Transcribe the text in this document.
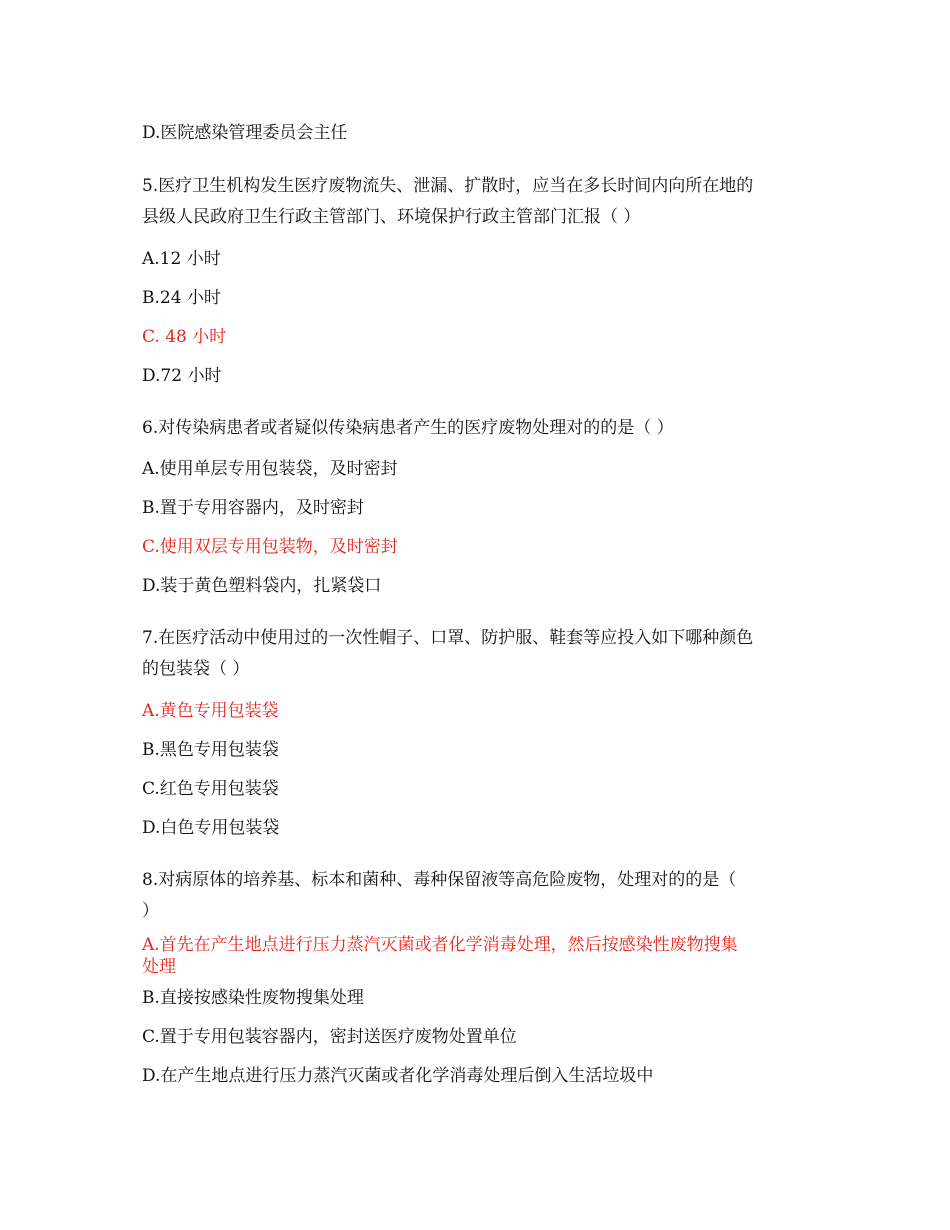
D.医院感染管理委员会主任
5.医疗卫生机构发生医疗废物流失、泄漏、扩散时，应当在多长时间内向所在地的
县级人民政府卫生行政主管部门、环境保护行政主管部门汇报（ ）
A.12 小时
B.24 小时
C. 48 小时
D.72 小时
6.对传染病患者或者疑似传染病患者产生的医疗废物处理对的的是（ ）
A.使用单层专用包装袋，及时密封
B.置于专用容器内，及时密封
C.使用双层专用包装物，及时密封
D.装于黄色塑料袋内，扎紧袋口
7.在医疗活动中使用过的一次性帽子、口罩、防护服、鞋套等应投入如下哪种颜色
的包装袋（ ）
A.黄色专用包装袋
B.黑色专用包装袋
C.红色专用包装袋
D.白色专用包装袋
8.对病原体的培养基、标本和菌种、毒种保留液等高危险废物，处理对的的是（
）
A.首先在产生地点进行压力蒸汽灭菌或者化学消毒处理，然后按感染性废物搜集
处理
B.直接按感染性废物搜集处理
C.置于专用包装容器内，密封送医疗废物处置单位
D.在产生地点进行压力蒸汽灭菌或者化学消毒处理后倒入生活垃圾中
